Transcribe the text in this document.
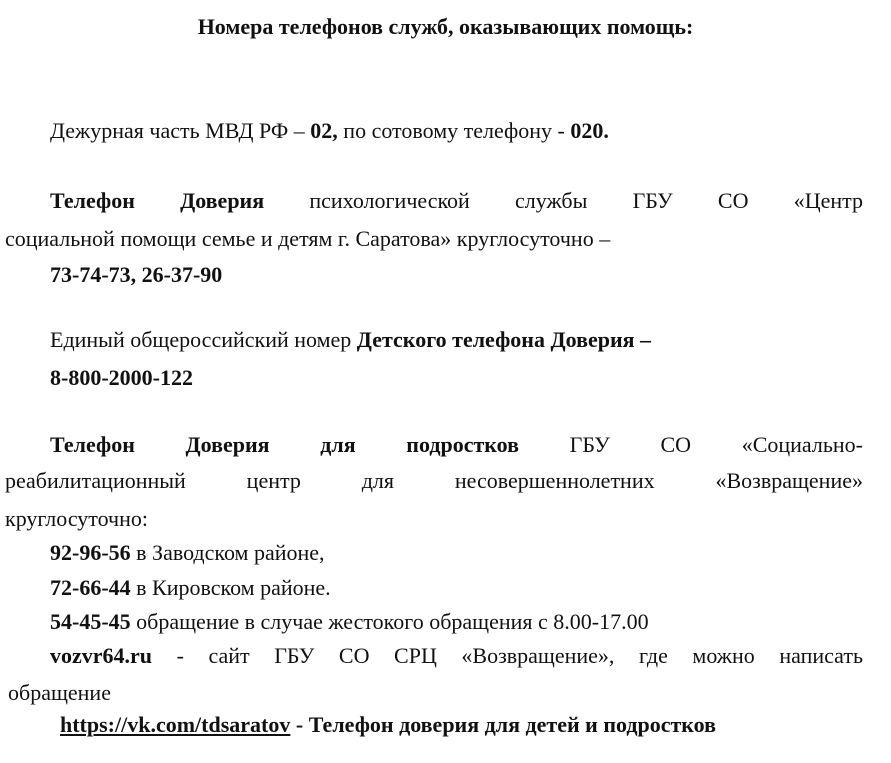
Номера телефонов служб, оказывающих помощь:

Дежурная часть МВД РФ – 02, по сотовому телефону - 020.

Телефон Доверия психологической службы ГБУ СО «Центр

социальной помощи семье и детям г. Саратова» круглосуточно –

73-74-73, 26-37-90

Единый общероссийский номер Детского телефона Доверия –

8-800-2000-122

Телефон Доверия для подростков ГБУ СО «Социально-

реабилитационный центр для несовершеннолетних «Возвращение»

круглосуточно:

92-96-56 в Заводском районе,

72-66-44 в Кировском районе.

54-45-45 обращение в случае жестокого обращения с 8.00-17.00

vozvr64.ru - сайт ГБУ СО СРЦ «Возвращение», где можно написать

обращение

https://vk.com/tdsaratov - Телефон доверия для детей и подростков
